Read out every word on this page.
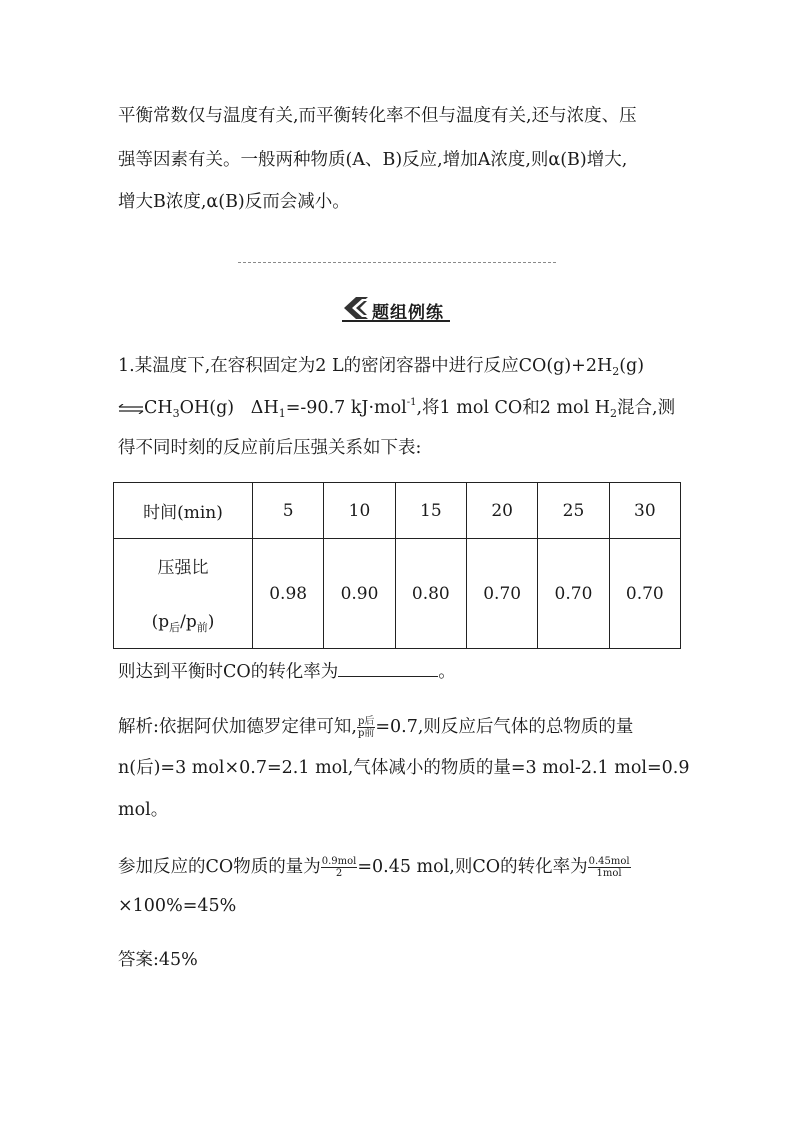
平衡常数仅与温度有关,而平衡转化率不但与温度有关,还与浓度、压
强等因素有关。一般两种物质(A、B)反应,增加A浓度,则α(B)增大,
增大B浓度,α(B)反而会减小。
题组例练
1.某温度下,在容积固定为2 L的密闭容器中进行反应$CO(g)+2H_2(g)$
$\rightleftharpoons CH_3OH(g)$   $\Delta H_1=-90.7$ kJ·mol$^{-1}$,将1 mol CO和2 mol $H_2$混合,测
得不同时刻的反应前后压强关系如下表:
时间(min)	5	10	15	20	25	30

压强比
$(p_后/p_前)$	0.98	0.90	0.80	0.70	0.70	0.70
则达到平衡时CO的转化率为	。
解析:依据阿伏加德罗定律可知, $\frac{\text{p后}}{\text{p前}} =0.7$,则反应后气体的总物质的量
n(后)=3 mol×0.7=2.1 mol,气体减小的物质的量=3 mol-2.1 mol=0.9
mol。
参加反应的CO物质的量为 $\frac{\text{0.9mol}}{2} =0.45$ mol,则CO的转化率为 $\frac{\text{0.45mol}}{\text{1mol}}$
×100%=45%
答案:45%
